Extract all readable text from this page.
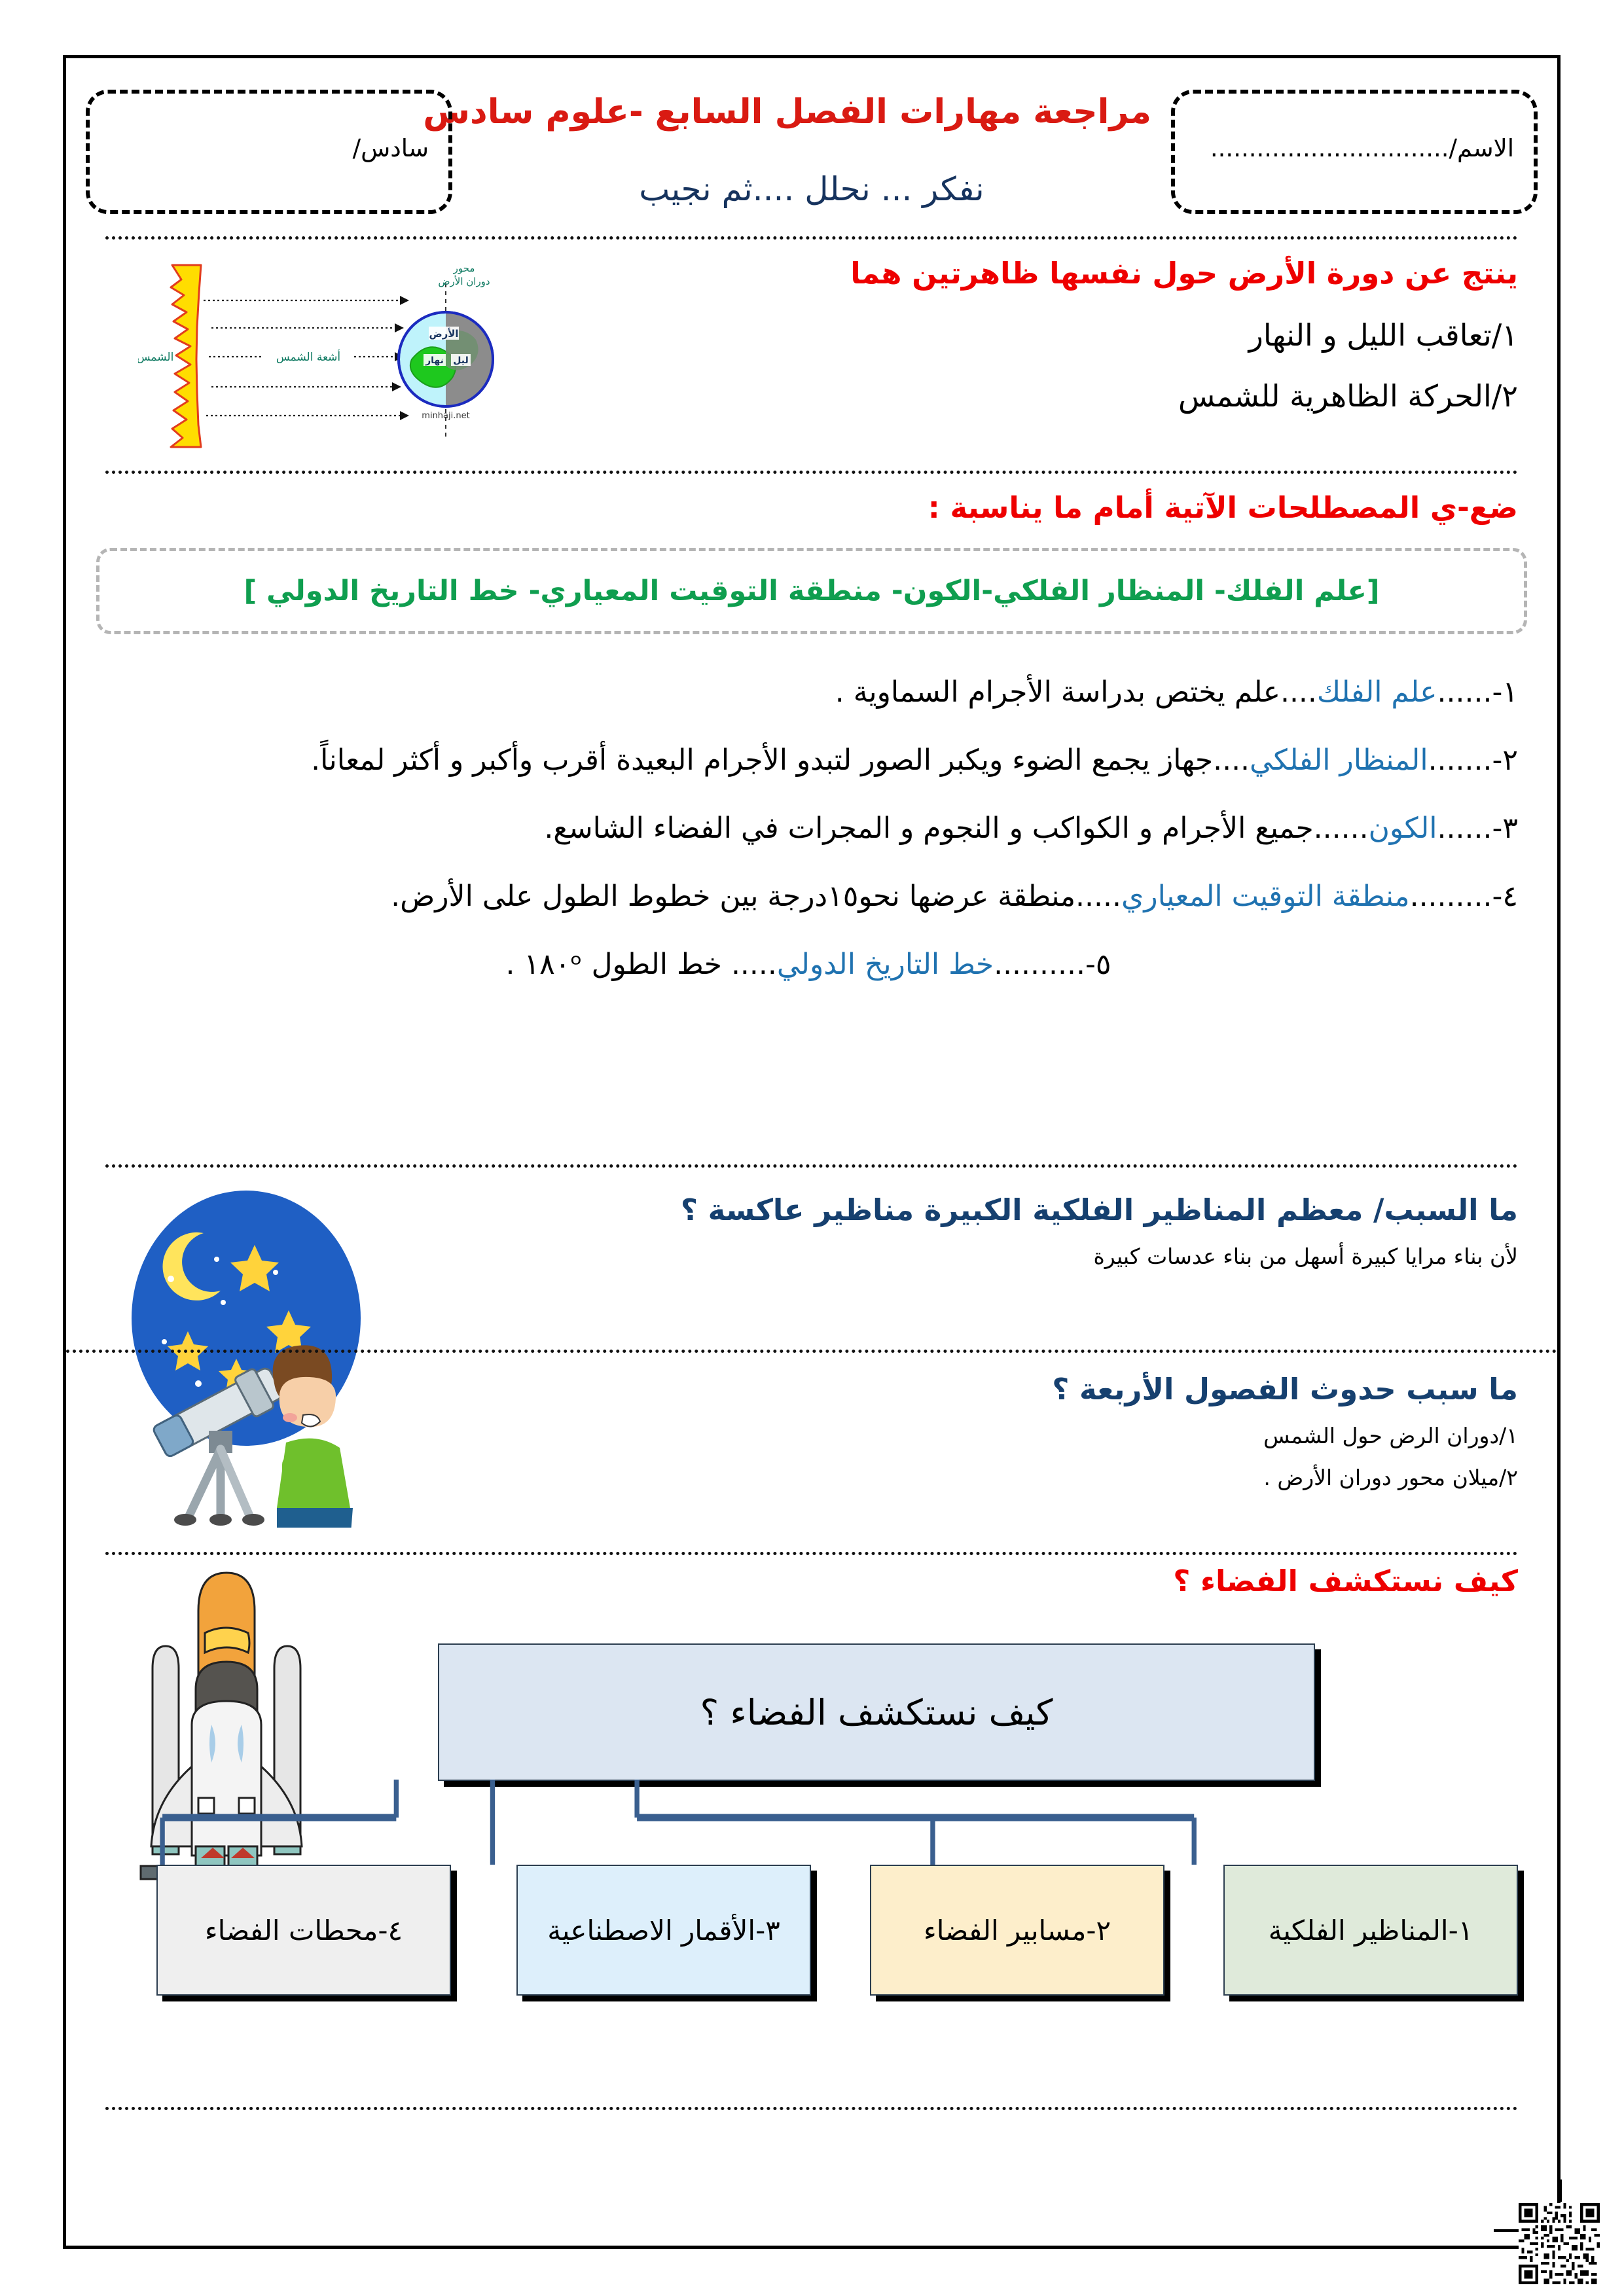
الاسم/...............................
مراجعة مهارات الفصل السابع -علوم سادس
نفكر ... نحلل ....ثم نجيب
سادس/
الشمس	أشعة الشمس
محور
دوران الأرض
الأرض
نهار ليل
minhaji.net
ينتج عن دورة الأرض حول نفسها ظاهرتين هما
١/تعاقب الليل و النهار
٢/الحركة الظاهرية للشمس
ضع-ي المصطلحات الآتية أمام ما يناسبة :
[علم الفلك- المنظار الفلكي-الكون- منطقة التوقيت المعياري- خط التاريخ الدولي ]
١-......علم الفلك....علم يختص بدراسة الأجرام السماوية .
٢-.......المنظار الفلكي....جهاز يجمع الضوء ويكبر الصور لتبدو الأجرام البعيدة أقرب وأكبر و أكثر لمعاناً.
٣-......الكون......جميع الأجرام و الكواكب و النجوم و المجرات في الفضاء الشاسع.
٤-.........منطقة التوقيت المعياري.....منطقة عرضها نحو١٥درجة بين خطوط الطول على الأرض.
٥-..........خط التاريخ الدولي..... خط الطول ١٨٠ᵒ .
ما السبب/ معظم المناظير الفلكية الكبيرة مناظير عاكسة ؟
لأن بناء مرايا كبيرة أسهل من بناء عدسات كبيرة
ما سبب حدوث الفصول الأربعة ؟
١/دوران الرض حول الشمس
٢/ميلان محور دوران الأرض .
كيف نستكشف الفضاء ؟
كيف نستكشف الفضاء ؟
١-المناظير الفلكية
٢-مسابير الفضاء
٣-الأقمار الاصطناعية
٤-محطات الفضاء
